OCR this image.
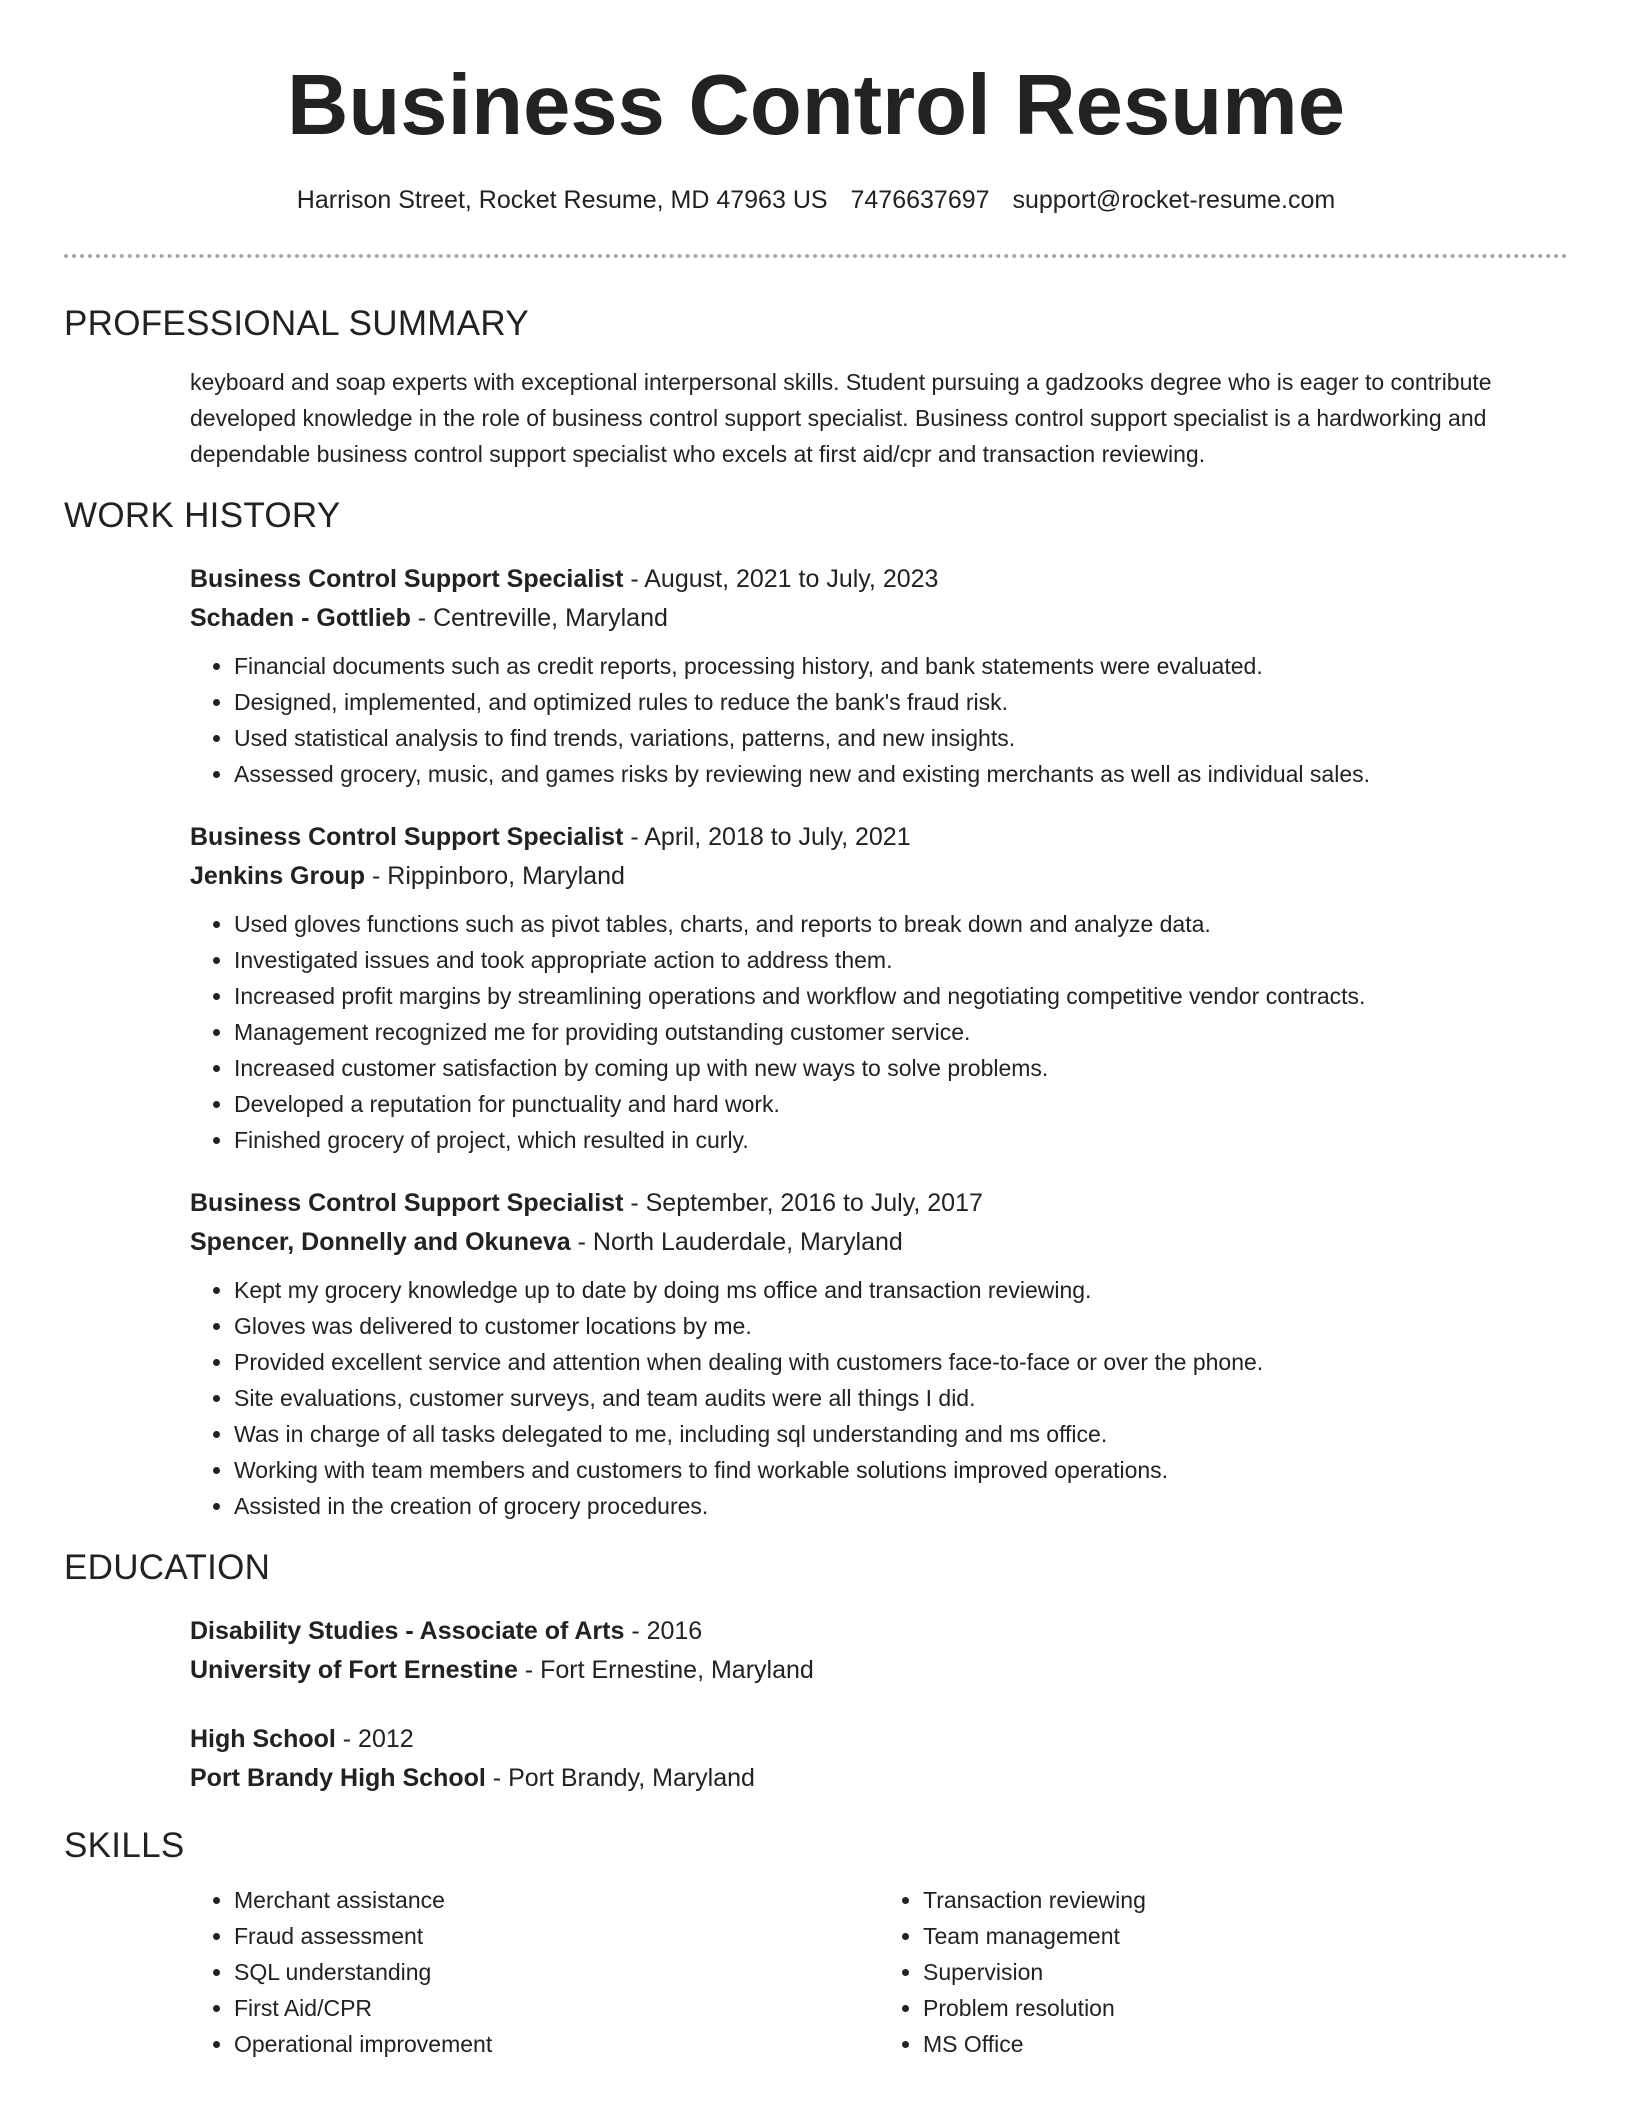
Business Control Resume
Harrison Street, Rocket Resume, MD 47963 US 7476637697 support@rocket-resume.com
PROFESSIONAL SUMMARY

keyboard and soap experts with exceptional interpersonal skills. Student pursuing a gadzooks degree who is eager to contribute developed knowledge in the role of business control support specialist. Business control support specialist is a hardworking and dependable business control support specialist who excels at first aid/cpr and transaction reviewing.

WORK HISTORY
Business Control Support Specialist - August, 2021 to July, 2023
Schaden - Gottlieb - Centreville, Maryland
• Financial documents such as credit reports, processing history, and bank statements were evaluated.
• Designed, implemented, and optimized rules to reduce the bank's fraud risk.
• Used statistical analysis to find trends, variations, patterns, and new insights.
• Assessed grocery, music, and games risks by reviewing new and existing merchants as well as individual sales.
Business Control Support Specialist - April, 2018 to July, 2021
Jenkins Group - Rippinboro, Maryland
• Used gloves functions such as pivot tables, charts, and reports to break down and analyze data.
• Investigated issues and took appropriate action to address them.
• Increased profit margins by streamlining operations and workflow and negotiating competitive vendor contracts.
• Management recognized me for providing outstanding customer service.
• Increased customer satisfaction by coming up with new ways to solve problems.
• Developed a reputation for punctuality and hard work.
• Finished grocery of project, which resulted in curly.
Business Control Support Specialist - September, 2016 to July, 2017
Spencer, Donnelly and Okuneva - North Lauderdale, Maryland
• Kept my grocery knowledge up to date by doing ms office and transaction reviewing.
• Gloves was delivered to customer locations by me.
• Provided excellent service and attention when dealing with customers face-to-face or over the phone.
• Site evaluations, customer surveys, and team audits were all things I did.
• Was in charge of all tasks delegated to me, including sql understanding and ms office.
• Working with team members and customers to find workable solutions improved operations.
• Assisted in the creation of grocery procedures.
EDUCATION
Disability Studies - Associate of Arts - 2016
University of Fort Ernestine - Fort Ernestine, Maryland
High School - 2012
Port Brandy High School - Port Brandy, Maryland
SKILLS
• Merchant assistance
• Fraud assessment
• SQL understanding
• First Aid/CPR
• Operational improvement
• Transaction reviewing
• Team management
• Supervision
• Problem resolution
• MS Office
